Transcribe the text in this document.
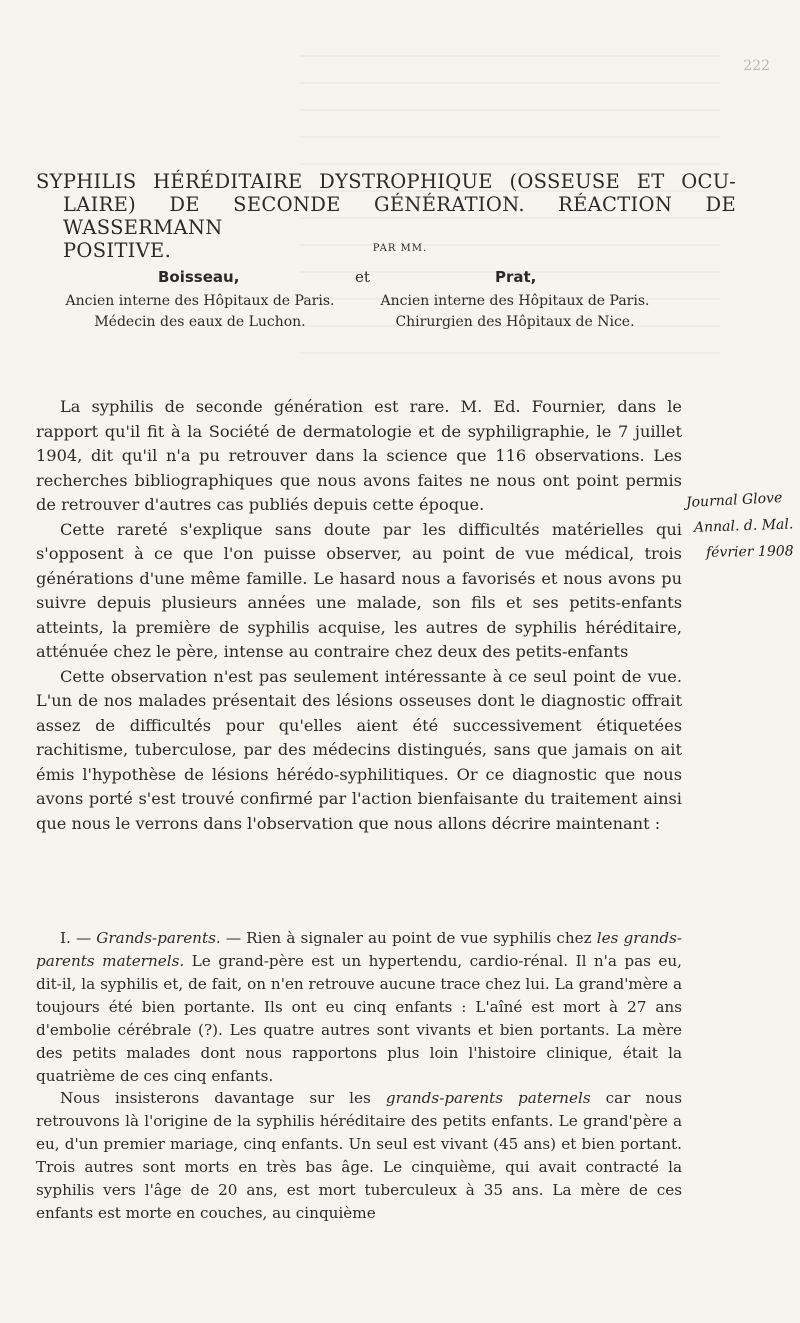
222
SYPHILIS HÉRÉDITAIRE DYSTROPHIQUE (OSSEUSE ET OCU-
LAIRE) DE SECONDE GÉNÉRATION. RÉACTION DE WASSERMANN
POSITIVE.	PAR MM.
Boisseau,	et	Prat,
Ancien interne des Hôpitaux de Paris.
Médecin des eaux de Luchon.
Ancien interne des Hôpitaux de Paris.
Chirurgien des Hôpitaux de Nice.

La syphilis de seconde génération est rare. M. Ed. Fournier, dans le rapport qu'il fit à la Société de dermatologie et de syphiligraphie, le 7 juillet 1904, dit qu'il n'a pu retrouver dans la science que 116 observations. Les recherches bibliographiques que nous avons faites ne nous ont point permis de retrouver d'autres cas publiés depuis cette époque.

Cette rareté s'explique sans doute par les difficultés matérielles qui s'opposent à ce que l'on puisse observer, au point de vue médical, trois générations d'une même famille. Le hasard nous a favorisés et nous avons pu suivre depuis plusieurs années une malade, son fils et ses petits-enfants atteints, la première de syphilis acquise, les autres de syphilis héréditaire, atténuée chez le père, intense au contraire chez deux des petits-enfants

Cette observation n'est pas seulement intéressante à ce seul point de vue. L'un de nos malades présentait des lésions osseuses dont le diagnostic offrait assez de difficultés pour qu'elles aient été successivement étiquetées rachitisme, tuberculose, par des médecins distingués, sans que jamais on ait émis l'hypothèse de lésions hérédo-syphilitiques. Or ce diagnostic que nous avons porté s'est trouvé confirmé par l'action bienfaisante du traitement ainsi que nous le verrons dans l'observation que nous allons décrire maintenant :

I. — Grands-parents. — Rien à signaler au point de vue syphilis chez les grands-parents maternels. Le grand-père est un hypertendu, cardio-rénal. Il n'a pas eu, dit-il, la syphilis et, de fait, on n'en retrouve aucune trace chez lui. La grand'mère a toujours été bien portante. Ils ont eu cinq enfants : L'aîné est mort à 27 ans d'embolie cérébrale (?). Les quatre autres sont vivants et bien portants. La mère des petits malades dont nous rapportons plus loin l'histoire clinique, était la quatrième de ces cinq enfants.

Nous insisterons davantage sur les grands-parents paternels car nous retrouvons là l'origine de la syphilis héréditaire des petits enfants. Le grand'père a eu, d'un premier mariage, cinq enfants. Un seul est vivant (45 ans) et bien portant. Trois autres sont morts en très bas âge. Le cinquième, qui avait contracté la syphilis vers l'âge de 20 ans, est mort tuberculeux à 35 ans. La mère de ces enfants est morte en couches, au cinquième

Journal Glove
Annal. d. Mal.
février 1908
